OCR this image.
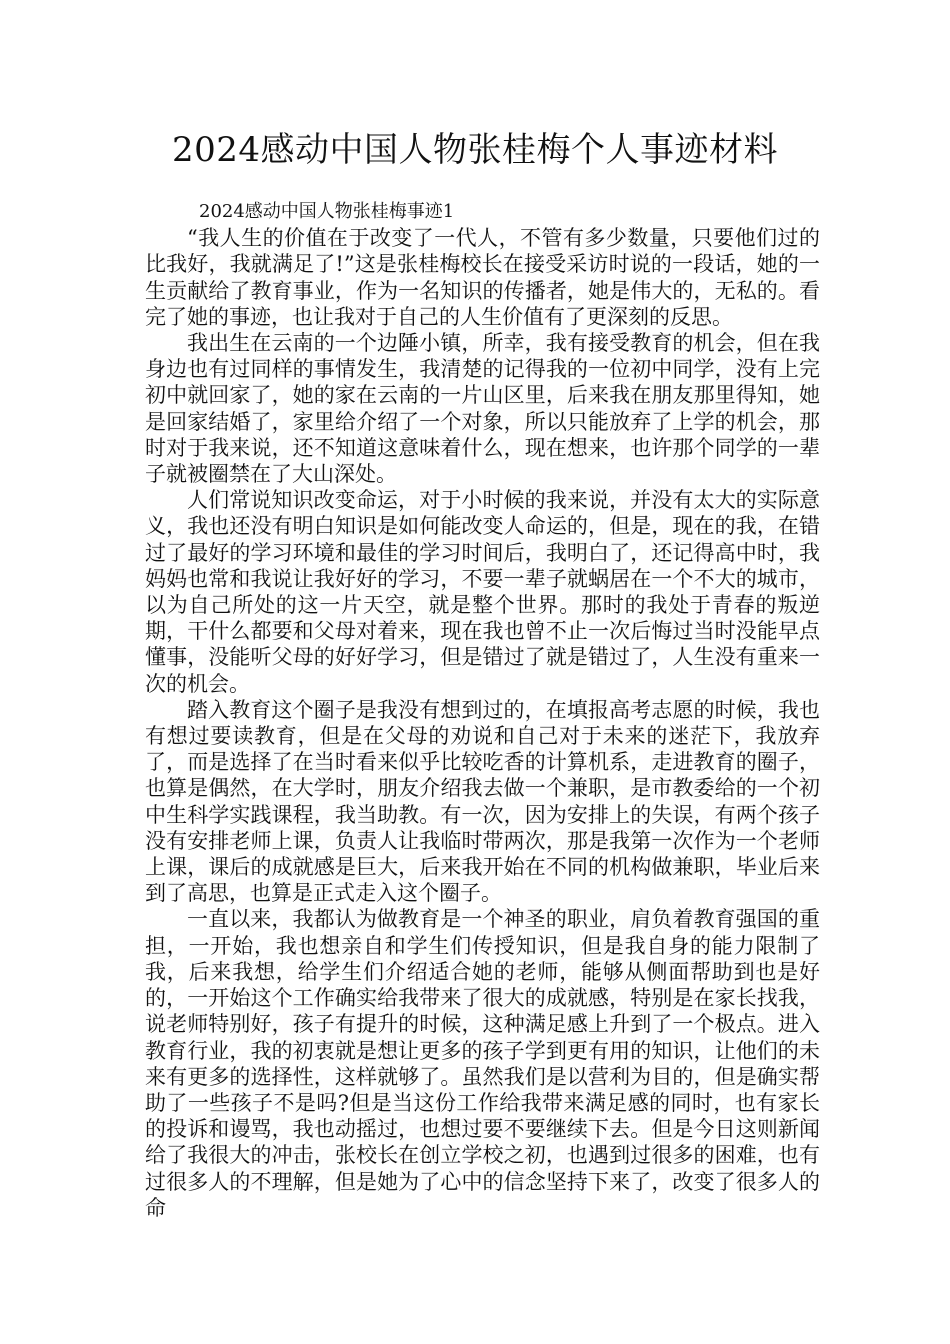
2024感动中国人物张桂梅个人事迹材料
2024感动中国人物张桂梅事迹1

“我人生的价值在于改变了一代人，不管有多少数量，只要他们过的比我好，我就满足了!”这是张桂梅校长在接受采访时说的一段话，她的一生贡献给了教育事业，作为一名知识的传播者，她是伟大的，无私的。看完了她的事迹，也让我对于自己的人生价值有了更深刻的反思。

我出生在云南的一个边陲小镇，所幸，我有接受教育的机会，但在我身边也有过同样的事情发生，我清楚的记得我的一位初中同学，没有上完初中就回家了，她的家在云南的一片山区里，后来我在朋友那里得知，她是回家结婚了，家里给介绍了一个对象，所以只能放弃了上学的机会，那时对于我来说，还不知道这意味着什么，现在想来，也许那个同学的一辈子就被圈禁在了大山深处。

人们常说知识改变命运，对于小时候的我来说，并没有太大的实际意义，我也还没有明白知识是如何能改变人命运的，但是，现在的我，在错过了最好的学习环境和最佳的学习时间后，我明白了，还记得高中时，我妈妈也常和我说让我好好的学习，不要一辈子就蜗居在一个不大的城市，以为自己所处的这一片天空，就是整个世界。那时的我处于青春的叛逆期，干什么都要和父母对着来，现在我也曾不止一次后悔过当时没能早点懂事，没能听父母的好好学习，但是错过了就是错过了，人生没有重来一次的机会。

踏入教育这个圈子是我没有想到过的，在填报高考志愿的时候，我也有想过要读教育，但是在父母的劝说和自己对于未来的迷茫下，我放弃了，而是选择了在当时看来似乎比较吃香的计算机系，走进教育的圈子，也算是偶然，在大学时，朋友介绍我去做一个兼职，是市教委给的一个初中生科学实践课程，我当助教。有一次，因为安排上的失误，有两个孩子没有安排老师上课，负责人让我临时带两次，那是我第一次作为一个老师上课，课后的成就感是巨大，后来我开始在不同的机构做兼职，毕业后来到了高思，也算是正式走入这个圈子。

一直以来，我都认为做教育是一个神圣的职业，肩负着教育强国的重担，一开始，我也想亲自和学生们传授知识，但是我自身的能力限制了我，后来我想，给学生们介绍适合她的老师，能够从侧面帮助到也是好的，一开始这个工作确实给我带来了很大的成就感，特别是在家长找我，说老师特别好，孩子有提升的时候，这种满足感上升到了一个极点。进入教育行业，我的初衷就是想让更多的孩子学到更有用的知识，让他们的未来有更多的选择性，这样就够了。虽然我们是以营利为目的，但是确实帮助了一些孩子不是吗?但是当这份工作给我带来满足感的同时，也有家长的投诉和谩骂，我也动摇过，也想过要不要继续下去。但是今日这则新闻给了我很大的冲击，张校长在创立学校之初，也遇到过很多的困难，也有过很多人的不理解，但是她为了心中的信念坚持下来了，改变了很多人的命
